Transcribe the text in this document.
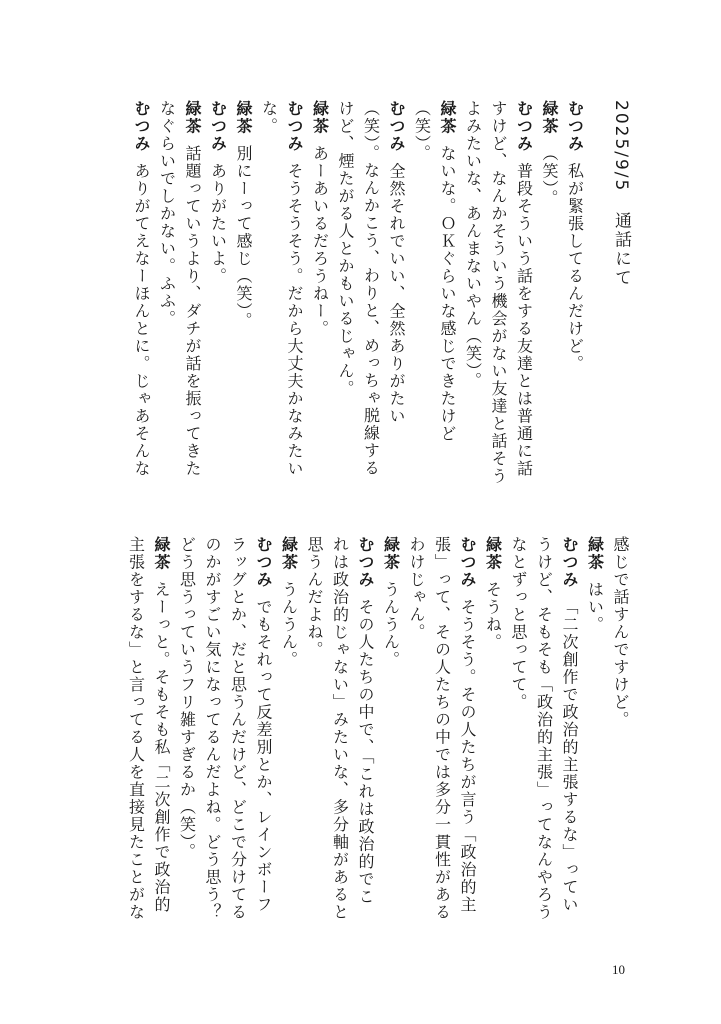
2025/9/5　通話にて
むつみ私が緊張してるんだけど。
緑茶（笑）。
むつみ普段そういう話をする友達とは普通に話
すけど、なんかそういう機会がない友達と話そう
よみたいな、あんまないやん（笑）。
緑茶ないな。ＯＫぐらいな感じできたけど
（笑）。
むつみ全然それでいい、全然ありがたい
（笑）。なんかこう、わりと、めっちゃ脱線する
けど、煙たがる人とかもいるじゃん。
緑茶あーあいるだろうねー。
むつみそうそうそう。だから大丈夫かなみたい
な。
緑茶別にーって感じ（笑）。
むつみありがたいよ。
緑茶話題っていうより、ダチが話を振ってきた
なぐらいでしかない。ふふ。
むつみありがてえなーほんとに。じゃあそんな
感じで話すんですけど。
緑茶はい。
むつみ「二次創作で政治的主張するな」ってい
うけど、そもそも「政治的主張」ってなんやろう
なとずっと思ってて。
緑茶そうね。
むつみそうそう。その人たちが言う「政治的主
張」って、その人たちの中では多分一貫性がある
わけじゃん。
緑茶うんうん。
むつみその人たちの中で、「これは政治的でこ
れは政治的じゃない」みたいな、多分軸があると
思うんだよね。
緑茶うんうん。
むつみでもそれって反差別とか、レインボーフ
ラッグとか、だと思うんだけど、どこで分けてる
のかがすごい気になってるんだよね。どう思う？
どう思うっていうフリ雑すぎるか（笑）。
緑茶えーっと。そもそも私「二次創作で政治的
主張をするな」と言ってる人を直接見たことがな
10
